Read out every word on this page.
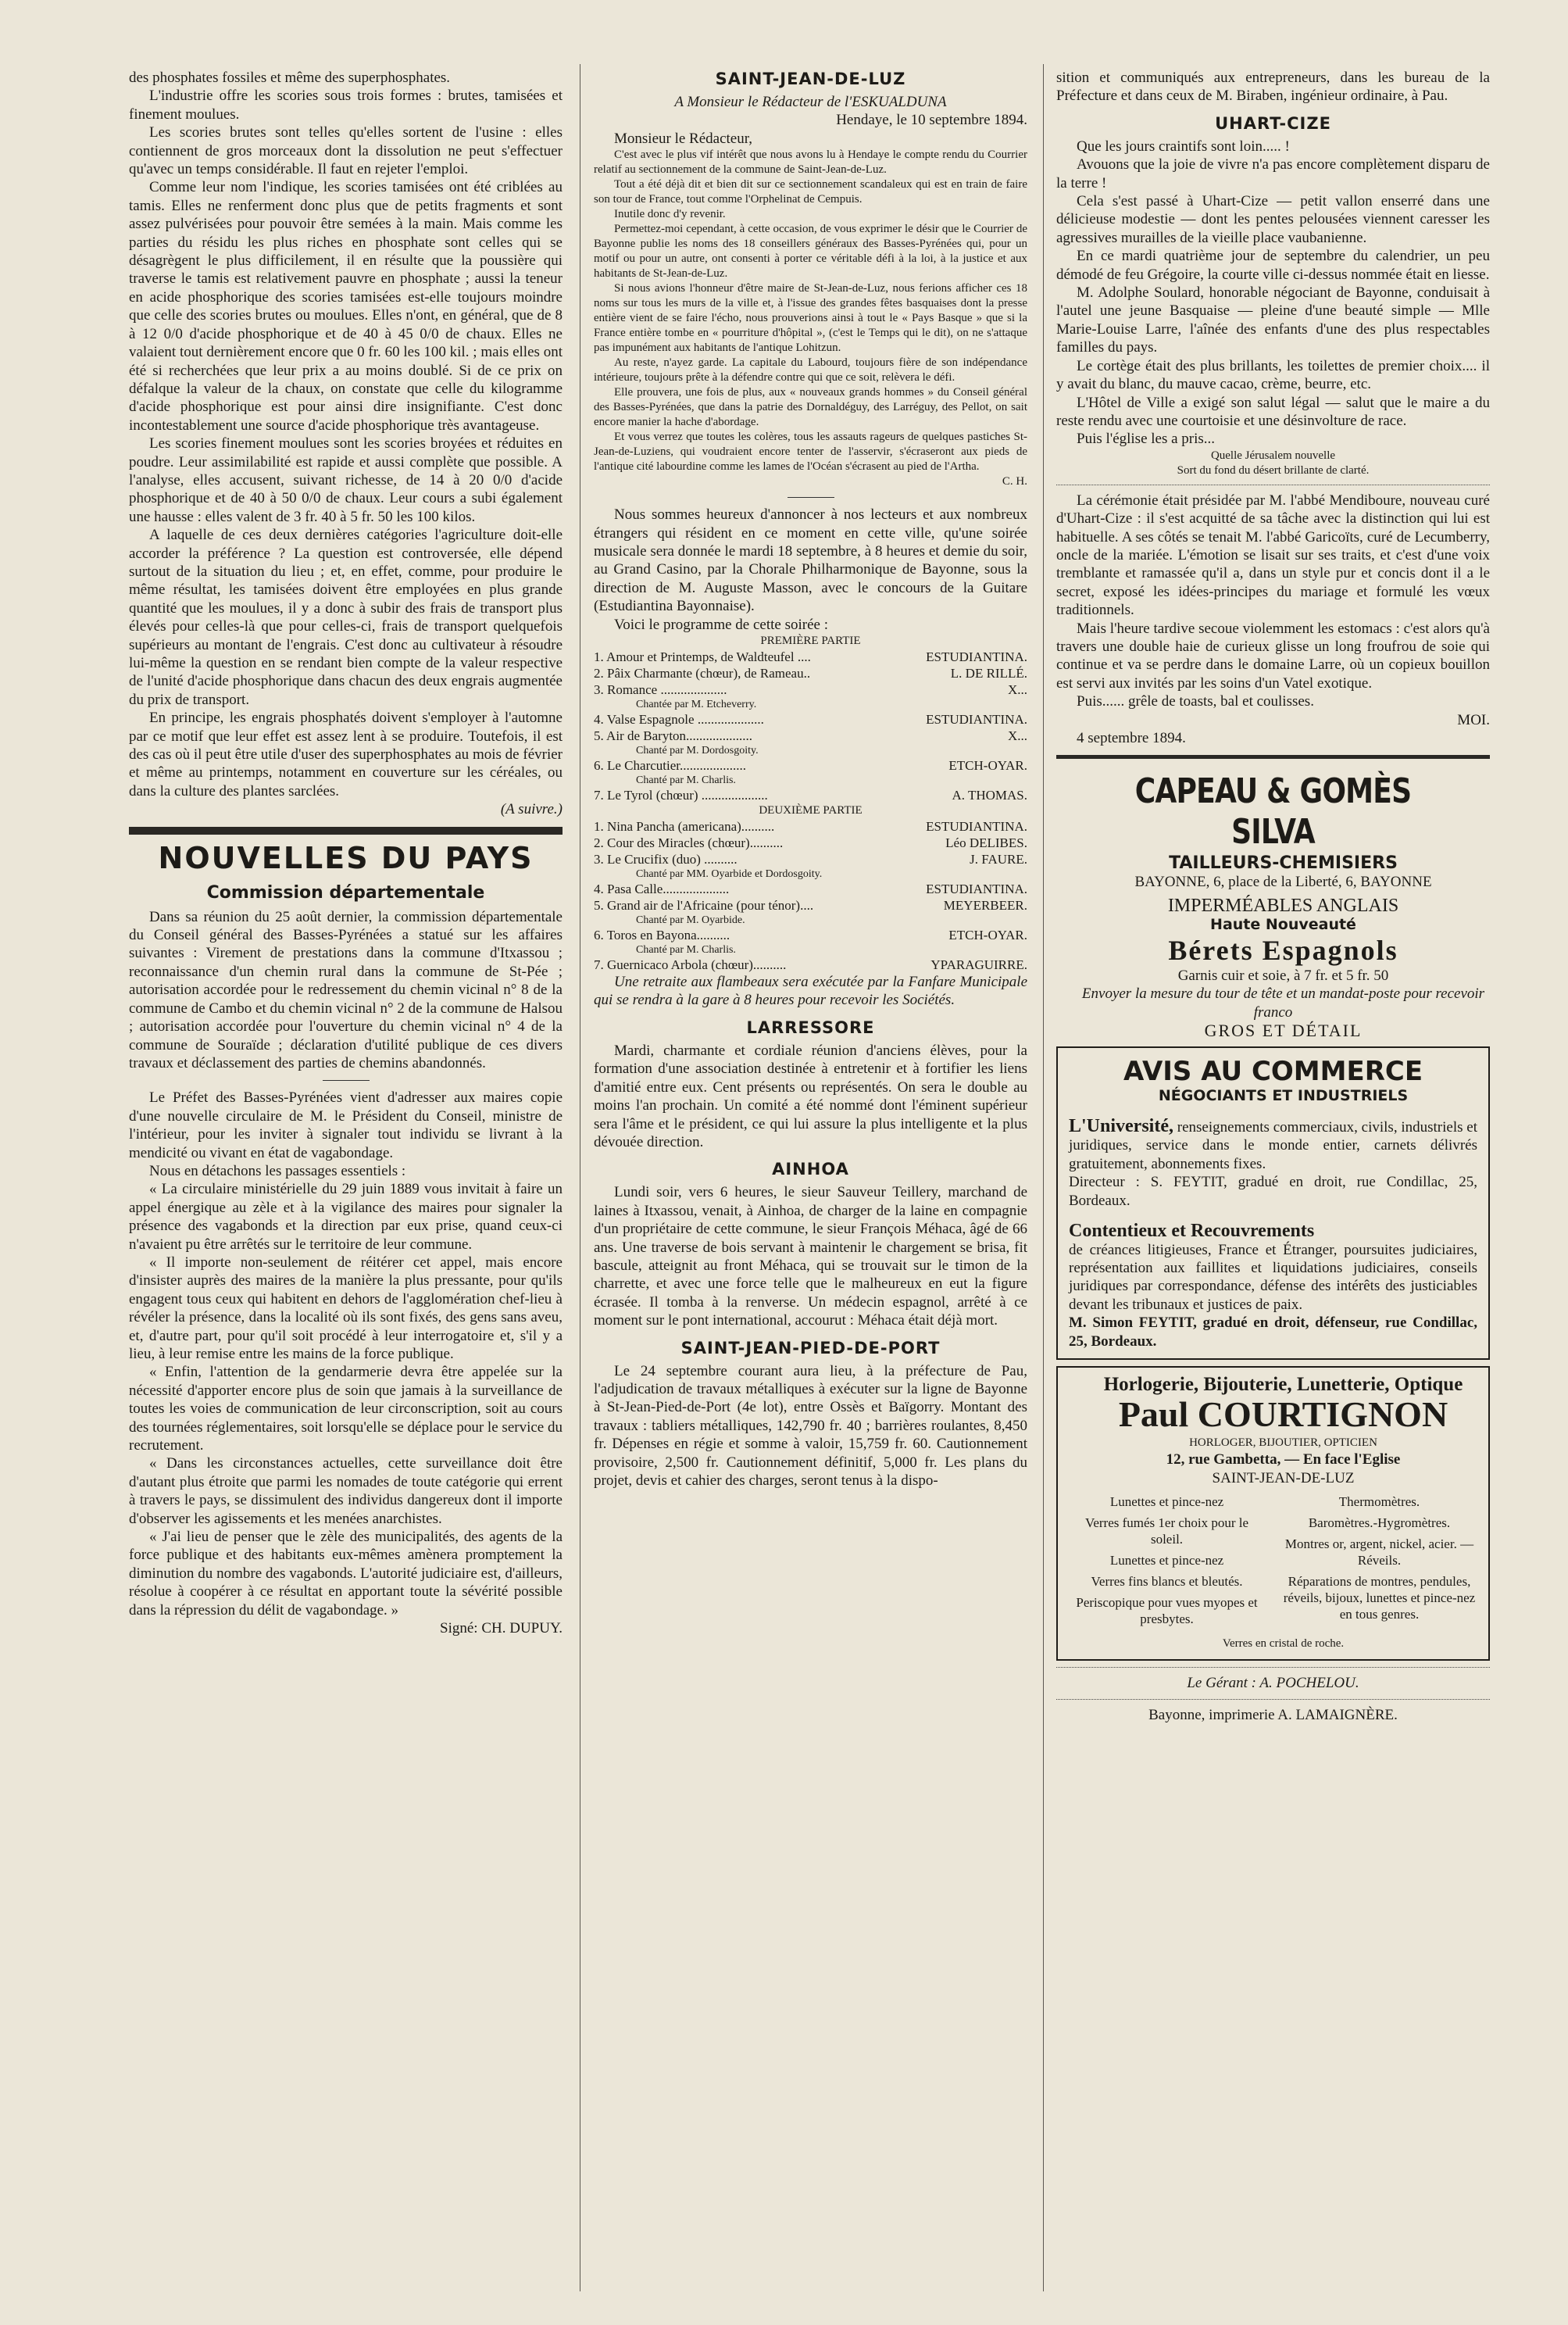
des phosphates fossiles et même des superphosphates.

L'industrie offre les scories sous trois formes : brutes, tamisées et finement moulues.

Les scories brutes sont telles qu'elles sortent de l'usine : elles contiennent de gros morceaux dont la dissolution ne peut s'effectuer qu'avec un temps considérable. Il faut en rejeter l'emploi.

Comme leur nom l'indique, les scories tamisées ont été criblées au tamis. Elles ne renferment donc plus que de petits fragments et sont assez pulvérisées pour pouvoir être semées à la main. Mais comme les parties du résidu les plus riches en phosphate sont celles qui se désagrègent le plus difficilement, il en résulte que la poussière qui traverse le tamis est relativement pauvre en phosphate ; aussi la teneur en acide phosphorique des scories tamisées est-elle toujours moindre que celle des scories brutes ou moulues. Elles n'ont, en général, que de 8 à 12 0/0 d'acide phosphorique et de 40 à 45 0/0 de chaux. Elles ne valaient tout dernièrement encore que 0 fr. 60 les 100 kil. ; mais elles ont été si recherchées que leur prix a au moins doublé. Si de ce prix on défalque la valeur de la chaux, on constate que celle du kilogramme d'acide phosphorique est pour ainsi dire insignifiante. C'est donc incontestablement une source d'acide phosphorique très avantageuse.

Les scories finement moulues sont les scories broyées et réduites en poudre. Leur assimilabilité est rapide et aussi complète que possible. A l'analyse, elles accusent, suivant richesse, de 14 à 20 0/0 d'acide phosphorique et de 40 à 50 0/0 de chaux. Leur cours a subi également une hausse : elles valent de 3 fr. 40 à 5 fr. 50 les 100 kilos.

A laquelle de ces deux dernières catégories l'agriculture doit-elle accorder la préférence ? La question est controversée, elle dépend surtout de la situation du lieu ; et, en effet, comme, pour produire le même résultat, les tamisées doivent être employées en plus grande quantité que les moulues, il y a donc à subir des frais de transport plus élevés pour celles-là que pour celles-ci, frais de transport quelquefois supérieurs au montant de l'engrais. C'est donc au cultivateur à résoudre lui-même la question en se rendant bien compte de la valeur respective de l'unité d'acide phosphorique dans chacun des deux engrais augmentée du prix de transport.

En principe, les engrais phosphatés doivent s'employer à l'automne par ce motif que leur effet est assez lent à se produire. Toutefois, il est des cas où il peut être utile d'user des superphosphates au mois de février et même au printemps, notamment en couverture sur les céréales, ou dans la culture des plantes sarclées.

(A suivre.)

NOUVELLES DU PAYS
Commission départementale

Dans sa réunion du 25 août dernier, la commission départementale du Conseil général des Basses-Pyrénées a statué sur les affaires suivantes : Virement de prestations dans la commune d'Itxassou ; reconnaissance d'un chemin rural dans la commune de St-Pée ; autorisation accordée pour le redressement du chemin vicinal n° 8 de la commune de Cambo et du chemin vicinal n° 2 de la commune de Halsou ; autorisation accordée pour l'ouverture du chemin vicinal n° 4 de la commune de Souraïde ; déclaration d'utilité publique de ces divers travaux et déclassement des parties de chemins abandonnés.

Le Préfet des Basses-Pyrénées vient d'adresser aux maires copie d'une nouvelle circulaire de M. le Président du Conseil, ministre de l'intérieur, pour les inviter à signaler tout individu se livrant à la mendicité ou vivant en état de vagabondage.

Nous en détachons les passages essentiels :

« La circulaire ministérielle du 29 juin 1889 vous invitait à faire un appel énergique au zèle et à la vigilance des maires pour signaler la présence des vagabonds et la direction par eux prise, quand ceux-ci n'avaient pu être arrêtés sur le territoire de leur commune.

« Il importe non-seulement de réitérer cet appel, mais encore d'insister auprès des maires de la manière la plus pressante, pour qu'ils engagent tous ceux qui habitent en dehors de l'agglomération chef-lieu à révéler la présence, dans la localité où ils sont fixés, des gens sans aveu, et, d'autre part, pour qu'il soit procédé à leur interrogatoire et, s'il y a lieu, à leur remise entre les mains de la force publique.

« Enfin, l'attention de la gendarmerie devra être appelée sur la nécessité d'apporter encore plus de soin que jamais à la surveillance de toutes les voies de communication de leur circonscription, soit au cours des tournées réglementaires, soit lorsqu'elle se déplace pour le service du recrutement.

« Dans les circonstances actuelles, cette surveillance doit être d'autant plus étroite que parmi les nomades de toute catégorie qui errent à travers le pays, se dissimulent des individus dangereux dont il importe d'observer les agissements et les menées anarchistes.

« J'ai lieu de penser que le zèle des municipalités, des agents de la force publique et des habitants eux-mêmes amènera promptement la diminution du nombre des vagabonds. L'autorité judiciaire est, d'ailleurs, résolue à coopérer à ce résultat en apportant toute la sévérité possible dans la répression du délit de vagabondage. »

Signé: CH. DUPUY.

SAINT-JEAN-DE-LUZ

A Monsieur le Rédacteur de l'ESKUALDUNA

Hendaye, le 10 septembre 1894.

Monsieur le Rédacteur,

C'est avec le plus vif intérêt que nous avons lu à Hendaye le compte rendu du Courrier relatif au sectionnement de la commune de Saint-Jean-de-Luz.

Tout a été déjà dit et bien dit sur ce sectionnement scandaleux qui est en train de faire son tour de France, tout comme l'Orphelinat de Cempuis.

Inutile donc d'y revenir.

Permettez-moi cependant, à cette occasion, de vous exprimer le désir que le Courrier de Bayonne publie les noms des 18 conseillers généraux des Basses-Pyrénées qui, pour un motif ou pour un autre, ont consenti à porter ce véritable défi à la loi, à la justice et aux habitants de St-Jean-de-Luz.

Si nous avions l'honneur d'être maire de St-Jean-de-Luz, nous ferions afficher ces 18 noms sur tous les murs de la ville et, à l'issue des grandes fêtes basquaises dont la presse entière vient de se faire l'écho, nous prouverions ainsi à tout le « Pays Basque » que si la France entière tombe en « pourriture d'hôpital », (c'est le Temps qui le dit), on ne s'attaque pas impunément aux habitants de l'antique Lohitzun.

Au reste, n'ayez garde. La capitale du Labourd, toujours fière de son indépendance intérieure, toujours prête à la défendre contre qui que ce soit, relèvera le défi.

Elle prouvera, une fois de plus, aux « nouveaux grands hommes » du Conseil général des Basses-Pyrénées, que dans la patrie des Dornaldéguy, des Larréguy, des Pellot, on sait encore manier la hache d'abordage.

Et vous verrez que toutes les colères, tous les assauts rageurs de quelques pastiches St-Jean-de-Luziens, qui voudraient encore tenter de l'asservir, s'écraseront aux pieds de l'antique cité labourdine comme les lames de l'Océan s'écrasent au pied de l'Artha.

C. H.

Nous sommes heureux d'annoncer à nos lecteurs et aux nombreux étrangers qui résident en ce moment en cette ville, qu'une soirée musicale sera donnée le mardi 18 septembre, à 8 heures et demie du soir, au Grand Casino, par la Chorale Philharmonique de Bayonne, sous la direction de M. Auguste Masson, avec le concours de la Guitare (Estudiantina Bayonnaise).

Voici le programme de cette soirée :

PREMIÈRE PARTIE

1. Amour et Printemps, de Waldteufel ....	ESTUDIANTINA.
2. Pâix Charmante (chœur), de Rameau..	L. DE RILLÉ.
3. Romance ....................	X...
Chantée par M. Etcheverry.
4. Valse Espagnole ....................	ESTUDIANTINA.
5. Air de Baryton....................	X...
Chanté par M. Dordosgoity.
6. Le Charcutier....................	ETCH-OYAR.
Chanté par M. Charlis.
7. Le Tyrol (chœur) ....................	A. THOMAS.

DEUXIÈME PARTIE

1. Nina Pancha (americana)..........	ESTUDIANTINA.
2. Cour des Miracles (chœur)..........	Léo DELIBES.
3. Le Crucifix (duo) ..........	J. FAURE.
Chanté par MM. Oyarbide et Dordosgoity.
4. Pasa Calle....................	ESTUDIANTINA.
5. Grand air de l'Africaine (pour ténor)....	MEYERBEER.
Chanté par M. Oyarbide.
6. Toros en Bayona..........	ETCH-OYAR.
Chanté par M. Charlis.
7. Guernicaco Arbola (chœur)..........	YPARAGUIRRE.

Une retraite aux flambeaux sera exécutée par la Fanfare Municipale qui se rendra à la gare à 8 heures pour recevoir les Sociétés.

LARRESSORE

Mardi, charmante et cordiale réunion d'anciens élèves, pour la formation d'une association destinée à entretenir et à fortifier les liens d'amitié entre eux. Cent présents ou représentés. On sera le double au moins l'an prochain. Un comité a été nommé dont l'éminent supérieur sera l'âme et le président, ce qui lui assure la plus intelligente et la plus dévouée direction.

AINHOA

Lundi soir, vers 6 heures, le sieur Sauveur Teillery, marchand de laines à Itxassou, venait, à Ainhoa, de charger de la laine en compagnie d'un propriétaire de cette commune, le sieur François Méhaca, âgé de 66 ans. Une traverse de bois servant à maintenir le chargement se brisa, fit bascule, atteignit au front Méhaca, qui se trouvait sur le timon de la charrette, et avec une force telle que le malheureux en eut la figure écrasée. Il tomba à la renverse. Un médecin espagnol, arrêté à ce moment sur le pont international, accourut : Méhaca était déjà mort.

SAINT-JEAN-PIED-DE-PORT

Le 24 septembre courant aura lieu, à la préfecture de Pau, l'adjudication de travaux métalliques à exécuter sur la ligne de Bayonne à St-Jean-Pied-de-Port (4e lot), entre Ossès et Baïgorry. Montant des travaux : tabliers métalliques, 142,790 fr. 40 ; barrières roulantes, 8,450 fr. Dépenses en régie et somme à valoir, 15,759 fr. 60. Cautionnement provisoire, 2,500 fr. Cautionnement définitif, 5,000 fr. Les plans du projet, devis et cahier des charges, seront tenus à la dispo-

sition et communiqués aux entrepreneurs, dans les bureau de la Préfecture et dans ceux de M. Biraben, ingénieur ordinaire, à Pau.

UHART-CIZE

Que les jours craintifs sont loin..... !

Avouons que la joie de vivre n'a pas encore complètement disparu de la terre !

Cela s'est passé à Uhart-Cize — petit vallon enserré dans une délicieuse modestie — dont les pentes pelousées viennent caresser les agressives murailles de la vieille place vaubanienne.

En ce mardi quatrième jour de septembre du calendrier, un peu démodé de feu Grégoire, la courte ville ci-dessus nommée était en liesse.

M. Adolphe Soulard, honorable négociant de Bayonne, conduisait à l'autel une jeune Basquaise — pleine d'une beauté simple — Mlle Marie-Louise Larre, l'aînée des enfants d'une des plus respectables familles du pays.

Le cortège était des plus brillants, les toilettes de premier choix.... il y avait du blanc, du mauve cacao, crème, beurre, etc.

L'Hôtel de Ville a exigé son salut légal — salut que le maire a du reste rendu avec une courtoisie et une désinvolture de race.

Puis l'église les a pris...

Quelle Jérusalem nouvelle

Sort du fond du désert brillante de clarté.

La cérémonie était présidée par M. l'abbé Mendiboure, nouveau curé d'Uhart-Cize : il s'est acquitté de sa tâche avec la distinction qui lui est habituelle. A ses côtés se tenait M. l'abbé Garicoïts, curé de Lecumberry, oncle de la mariée. L'émotion se lisait sur ses traits, et c'est d'une voix tremblante et ramassée qu'il a, dans un style pur et concis dont il a le secret, exposé les idées-principes du mariage et formulé les vœux traditionnels.

Mais l'heure tardive secoue violemment les estomacs : c'est alors qu'à travers une double haie de curieux glisse un long froufrou de soie qui continue et va se perdre dans le domaine Larre, où un copieux bouillon est servi aux invités par les soins d'un Vatel exotique.

Puis...... grêle de toasts, bal et coulisses.

MOI.

4 septembre 1894.

CAPEAU & GOMÈS SILVA

TAILLEURS-CHEMISIERS

BAYONNE, 6, place de la Liberté, 6, BAYONNE

IMPERMÉABLES ANGLAIS

Haute Nouveauté

Bérets Espagnols

Garnis cuir et soie, à 7 fr. et 5 fr. 50

Envoyer la mesure du tour de tête et un mandat-poste pour recevoir franco

GROS ET DÉTAIL

AVIS AU COMMERCE

NÉGOCIANTS ET INDUSTRIELS

L'Université, renseignements commerciaux, civils, industriels et juridiques, service dans le monde entier, carnets délivrés gratuitement, abonnements fixes.

Directeur : S. FEYTIT, gradué en droit, rue Condillac, 25, Bordeaux.

Contentieux et Recouvrements

de créances litigieuses, France et Étranger, poursuites judiciaires, représentation aux faillites et liquidations judiciaires, conseils juridiques par correspondance, défense des intérêts des justiciables devant les tribunaux et justices de paix.

M. Simon FEYTIT, gradué en droit, défenseur, rue Condillac, 25, Bordeaux.

Horlogerie, Bijouterie, Lunetterie, Optique

Paul COURTIGNON

HORLOGER, BIJOUTIER, OPTICIEN

12, rue Gambetta, — En face l'Eglise

SAINT-JEAN-DE-LUZ

Lunettes et pince-nez

Verres fumés 1er choix pour le soleil.

Lunettes et pince-nez

Verres fins blancs et bleutés.

Periscopique pour vues myopes et presbytes.

Thermomètres.

Baromètres.-Hygromètres.

Montres or, argent, nickel, acier. — Réveils.

Réparations de montres, pendules, réveils, bijoux, lunettes et pince-nez en tous genres.

Verres en cristal de roche.

Le Gérant : A. POCHELOU.

Bayonne, imprimerie A. LAMAIGNÈRE.
